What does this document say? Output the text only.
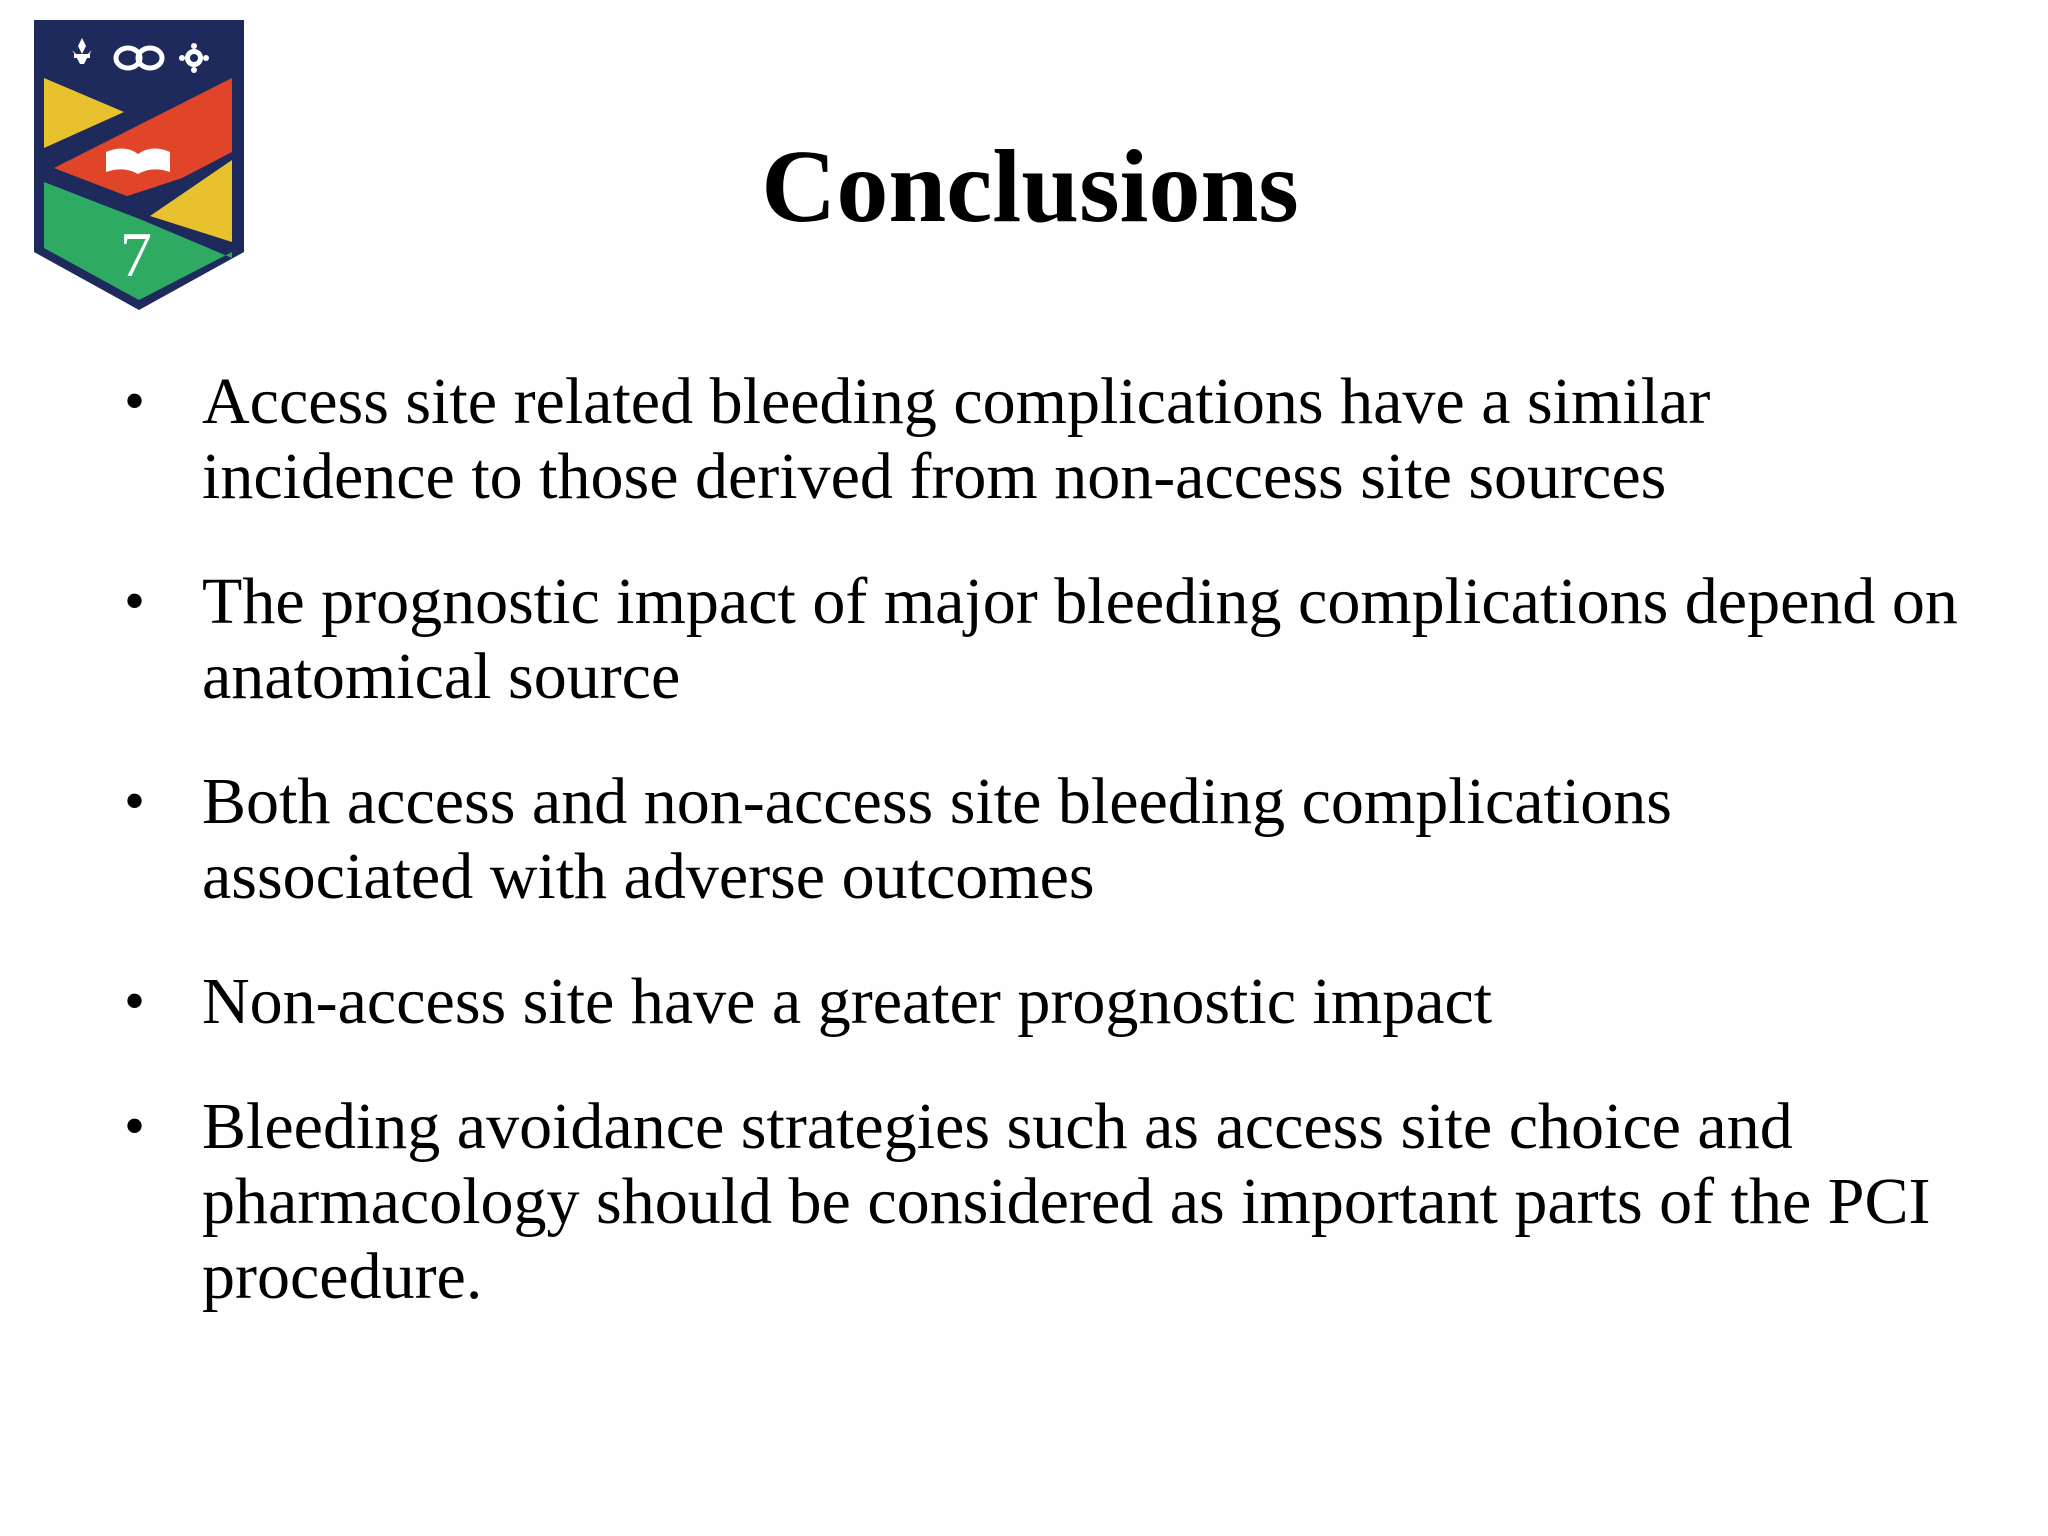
7
Conclusions
• Access site related bleeding complications have a similar incidence to those derived from non-access site sources
• The prognostic impact of major bleeding complications depend on anatomical source
• Both access and non-access site bleeding complications associated with adverse outcomes
• Non-access site have a greater prognostic impact
• Bleeding avoidance strategies such as access site choice and pharmacology should be considered as important parts of the PCI procedure.
